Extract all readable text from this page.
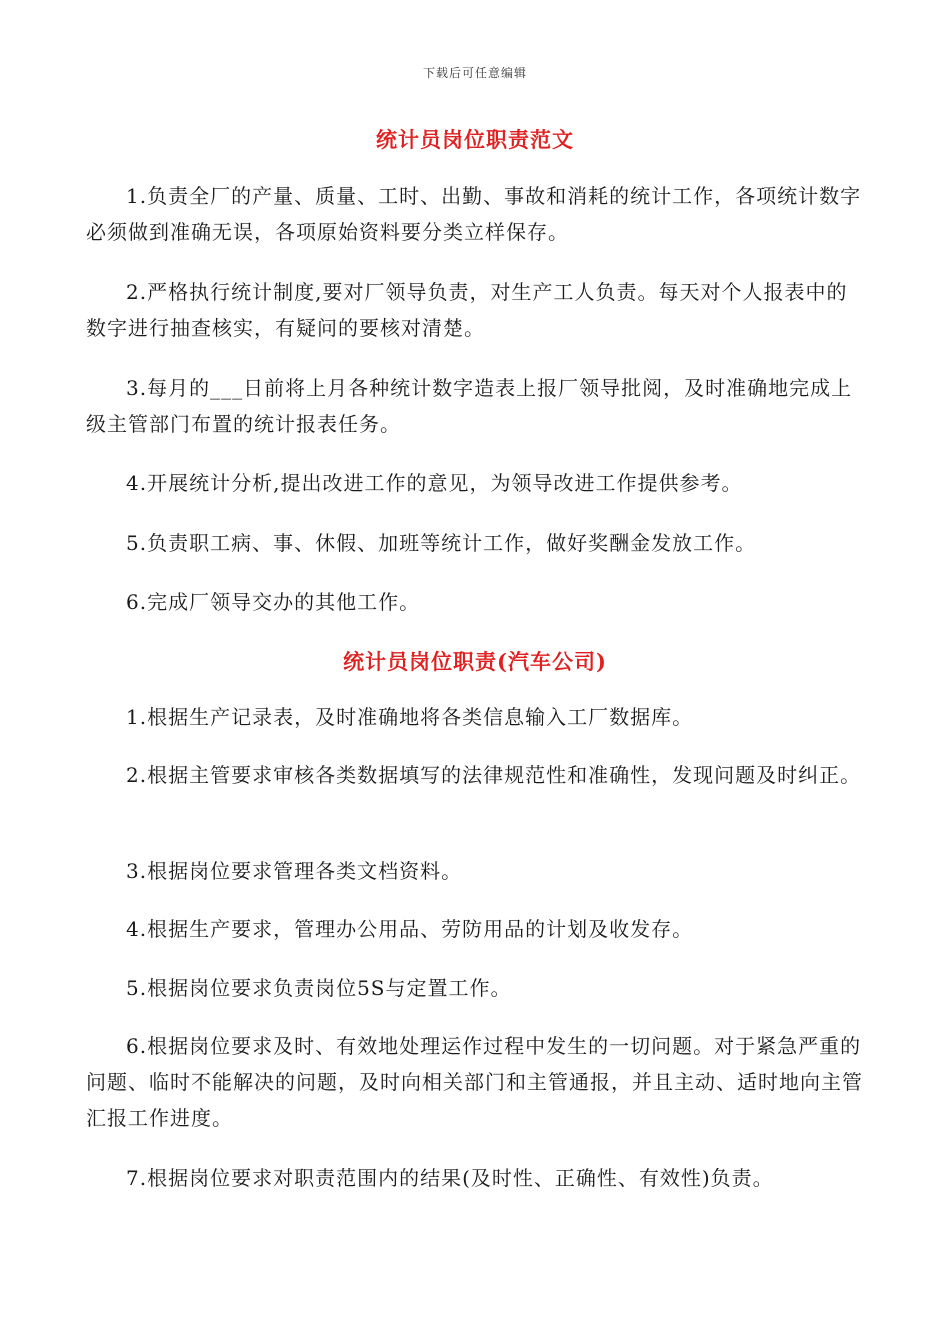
下载后可任意编辑
统计员岗位职责范文

1.负责全厂的产量、质量、工时、出勤、事故和消耗的统计工作，各项统计数字必须做到准确无误，各项原始资料要分类立样保存。

2.严格执行统计制度,要对厂领导负责，对生产工人负责。每天对个人报表中的数字进行抽查核实，有疑问的要核对清楚。

3.每月的___日前将上月各种统计数字造表上报厂领导批阅，及时准确地完成上级主管部门布置的统计报表任务。

4.开展统计分析,提出改进工作的意见，为领导改进工作提供参考。

5.负责职工病、事、休假、加班等统计工作，做好奖酬金发放工作。

6.完成厂领导交办的其他工作。

统计员岗位职责(汽车公司)

1.根据生产记录表，及时准确地将各类信息输入工厂数据库。

2.根据主管要求审核各类数据填写的法律规范性和准确性，发现问题及时纠正。

3.根据岗位要求管理各类文档资料。

4.根据生产要求，管理办公用品、劳防用品的计划及收发存。

5.根据岗位要求负责岗位5S与定置工作。

6.根据岗位要求及时、有效地处理运作过程中发生的一切问题。对于紧急严重的问题、临时不能解决的问题，及时向相关部门和主管通报，并且主动、适时地向主管汇报工作进度。

7.根据岗位要求对职责范围内的结果(及时性、正确性、有效性)负责。
